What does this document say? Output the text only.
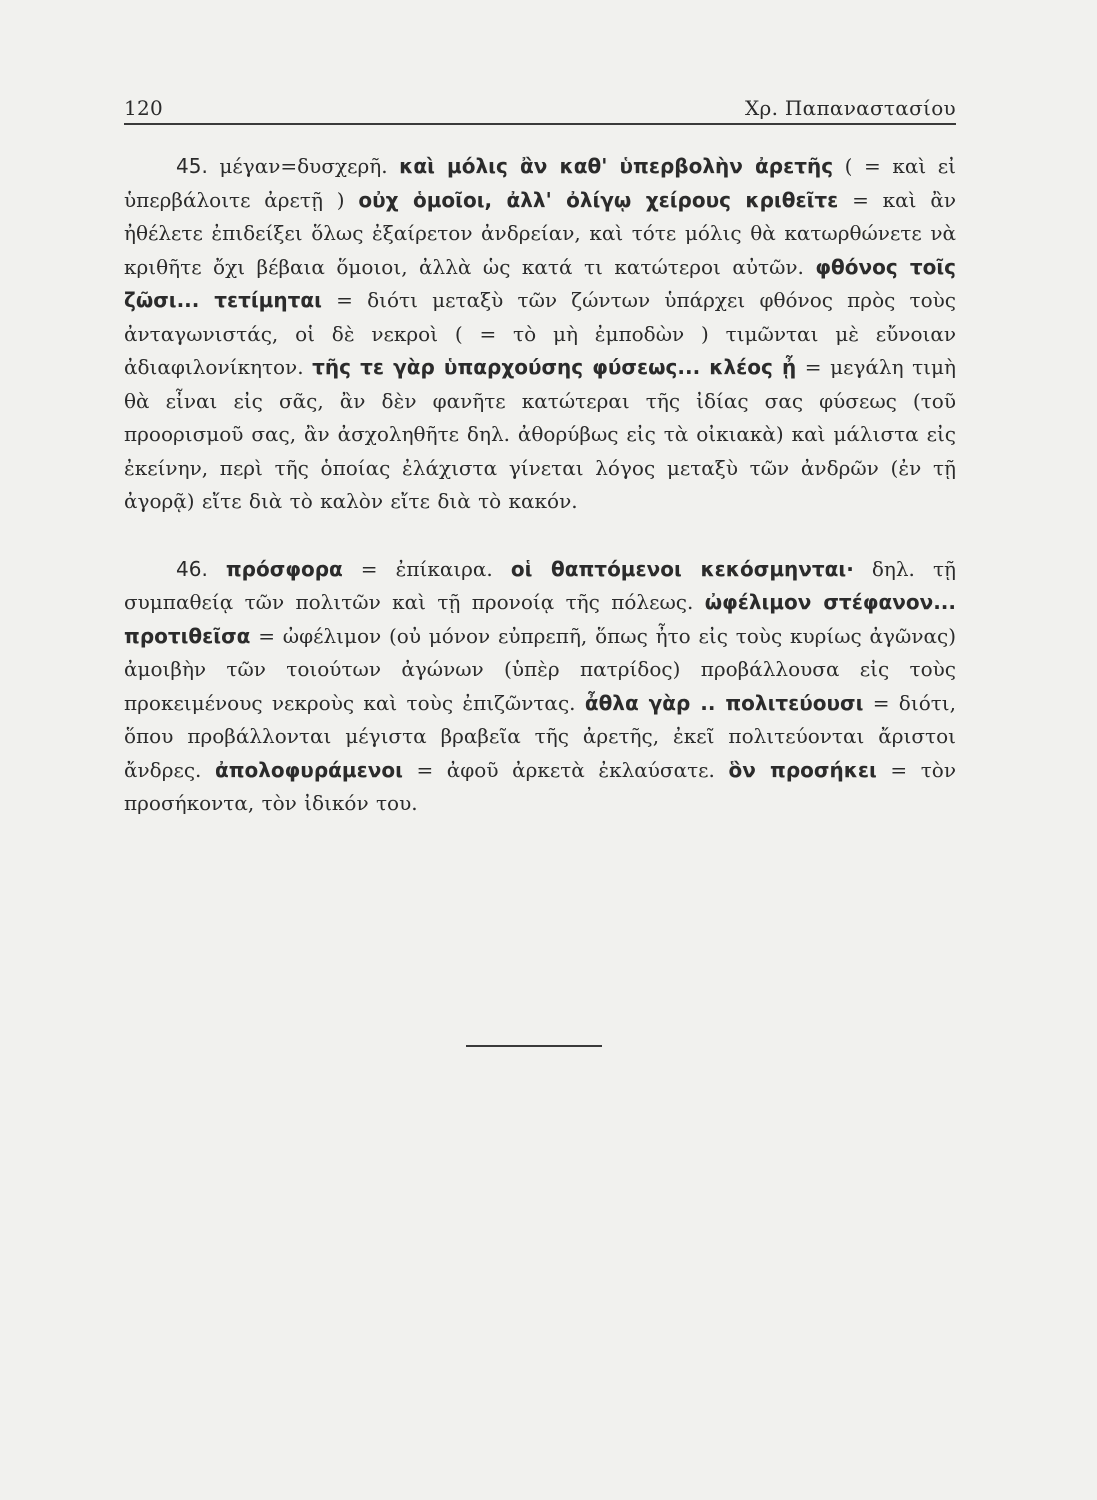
120	Χρ. Παπαναστασίου

45. μέγαν=δυσχερῆ. καὶ μόλις ἂν καθ' ὑπερβολὴν ἀρετῆς ( = καὶ εἰ ὑπερβάλοιτε ἀρετῇ ) οὐχ ὁμοῖοι, ἀλλ' ὀλίγῳ χείρους κριθεῖτε = καὶ ἂν ἠθέλετε ἐπιδείξει ὅλως ἐξαίρετον ἀνδρείαν, καὶ τότε μόλις θὰ κατωρθώνετε νὰ κριθῆτε ὄχι βέβαια ὅμοιοι, ἀλλὰ ὡς κατά τι κατώτεροι αὐτῶν. φθόνος τοῖς ζῶσι... τετίμηται = διότι μεταξὺ τῶν ζώντων ὑπάρχει φθόνος πρὸς τοὺς ἀνταγωνιστάς, οἱ δὲ νεκροὶ ( = τὸ μὴ ἐμποδὼν ) τιμῶνται μὲ εὔνοιαν ἀδιαφιλονίκητον. τῆς τε γὰρ ὑπαρχούσης φύσεως... κλέος ᾖ = μεγάλη τιμὴ θὰ εἶναι εἰς σᾶς, ἂν δὲν φανῆτε κατώτεραι τῆς ἰδίας σας φύσεως (τοῦ προορισμοῦ σας, ἂν ἀσχοληθῆτε δηλ. ἀθορύβως εἰς τὰ οἰκιακὰ) καὶ μάλιστα εἰς ἐκείνην, περὶ τῆς ὁποίας ἐλάχιστα γίνεται λόγος μεταξὺ τῶν ἀνδρῶν (ἐν τῇ ἀγορᾷ) εἴτε διὰ τὸ καλὸν εἴτε διὰ τὸ κακόν.

46. πρόσφορα = ἐπίκαιρα. οἱ θαπτόμενοι κεκόσμηνται· δηλ. τῇ συμπαθείᾳ τῶν πολιτῶν καὶ τῇ προνοίᾳ τῆς πόλεως. ὠφέλιμον στέφανον... προτιθεῖσα = ὠφέλιμον (οὐ μόνον εὐπρεπῆ, ὅπως ἦτο εἰς τοὺς κυρίως ἀγῶνας) ἀμοιβὴν τῶν τοιούτων ἀγώνων (ὑπὲρ πατρίδος) προβάλλουσα εἰς τοὺς προκειμένους νεκροὺς καὶ τοὺς ἐπιζῶντας. ἆθλα γὰρ .. πολιτεύουσι = διότι, ὅπου προβάλλονται μέγιστα βραβεῖα τῆς ἀρετῆς, ἐκεῖ πολιτεύονται ἄριστοι ἄνδρες. ἀπολοφυράμενοι = ἀφοῦ ἀρκετὰ ἐκλαύσατε. ὃν προσήκει = τὸν προσήκοντα, τὸν ἰδικόν του.
